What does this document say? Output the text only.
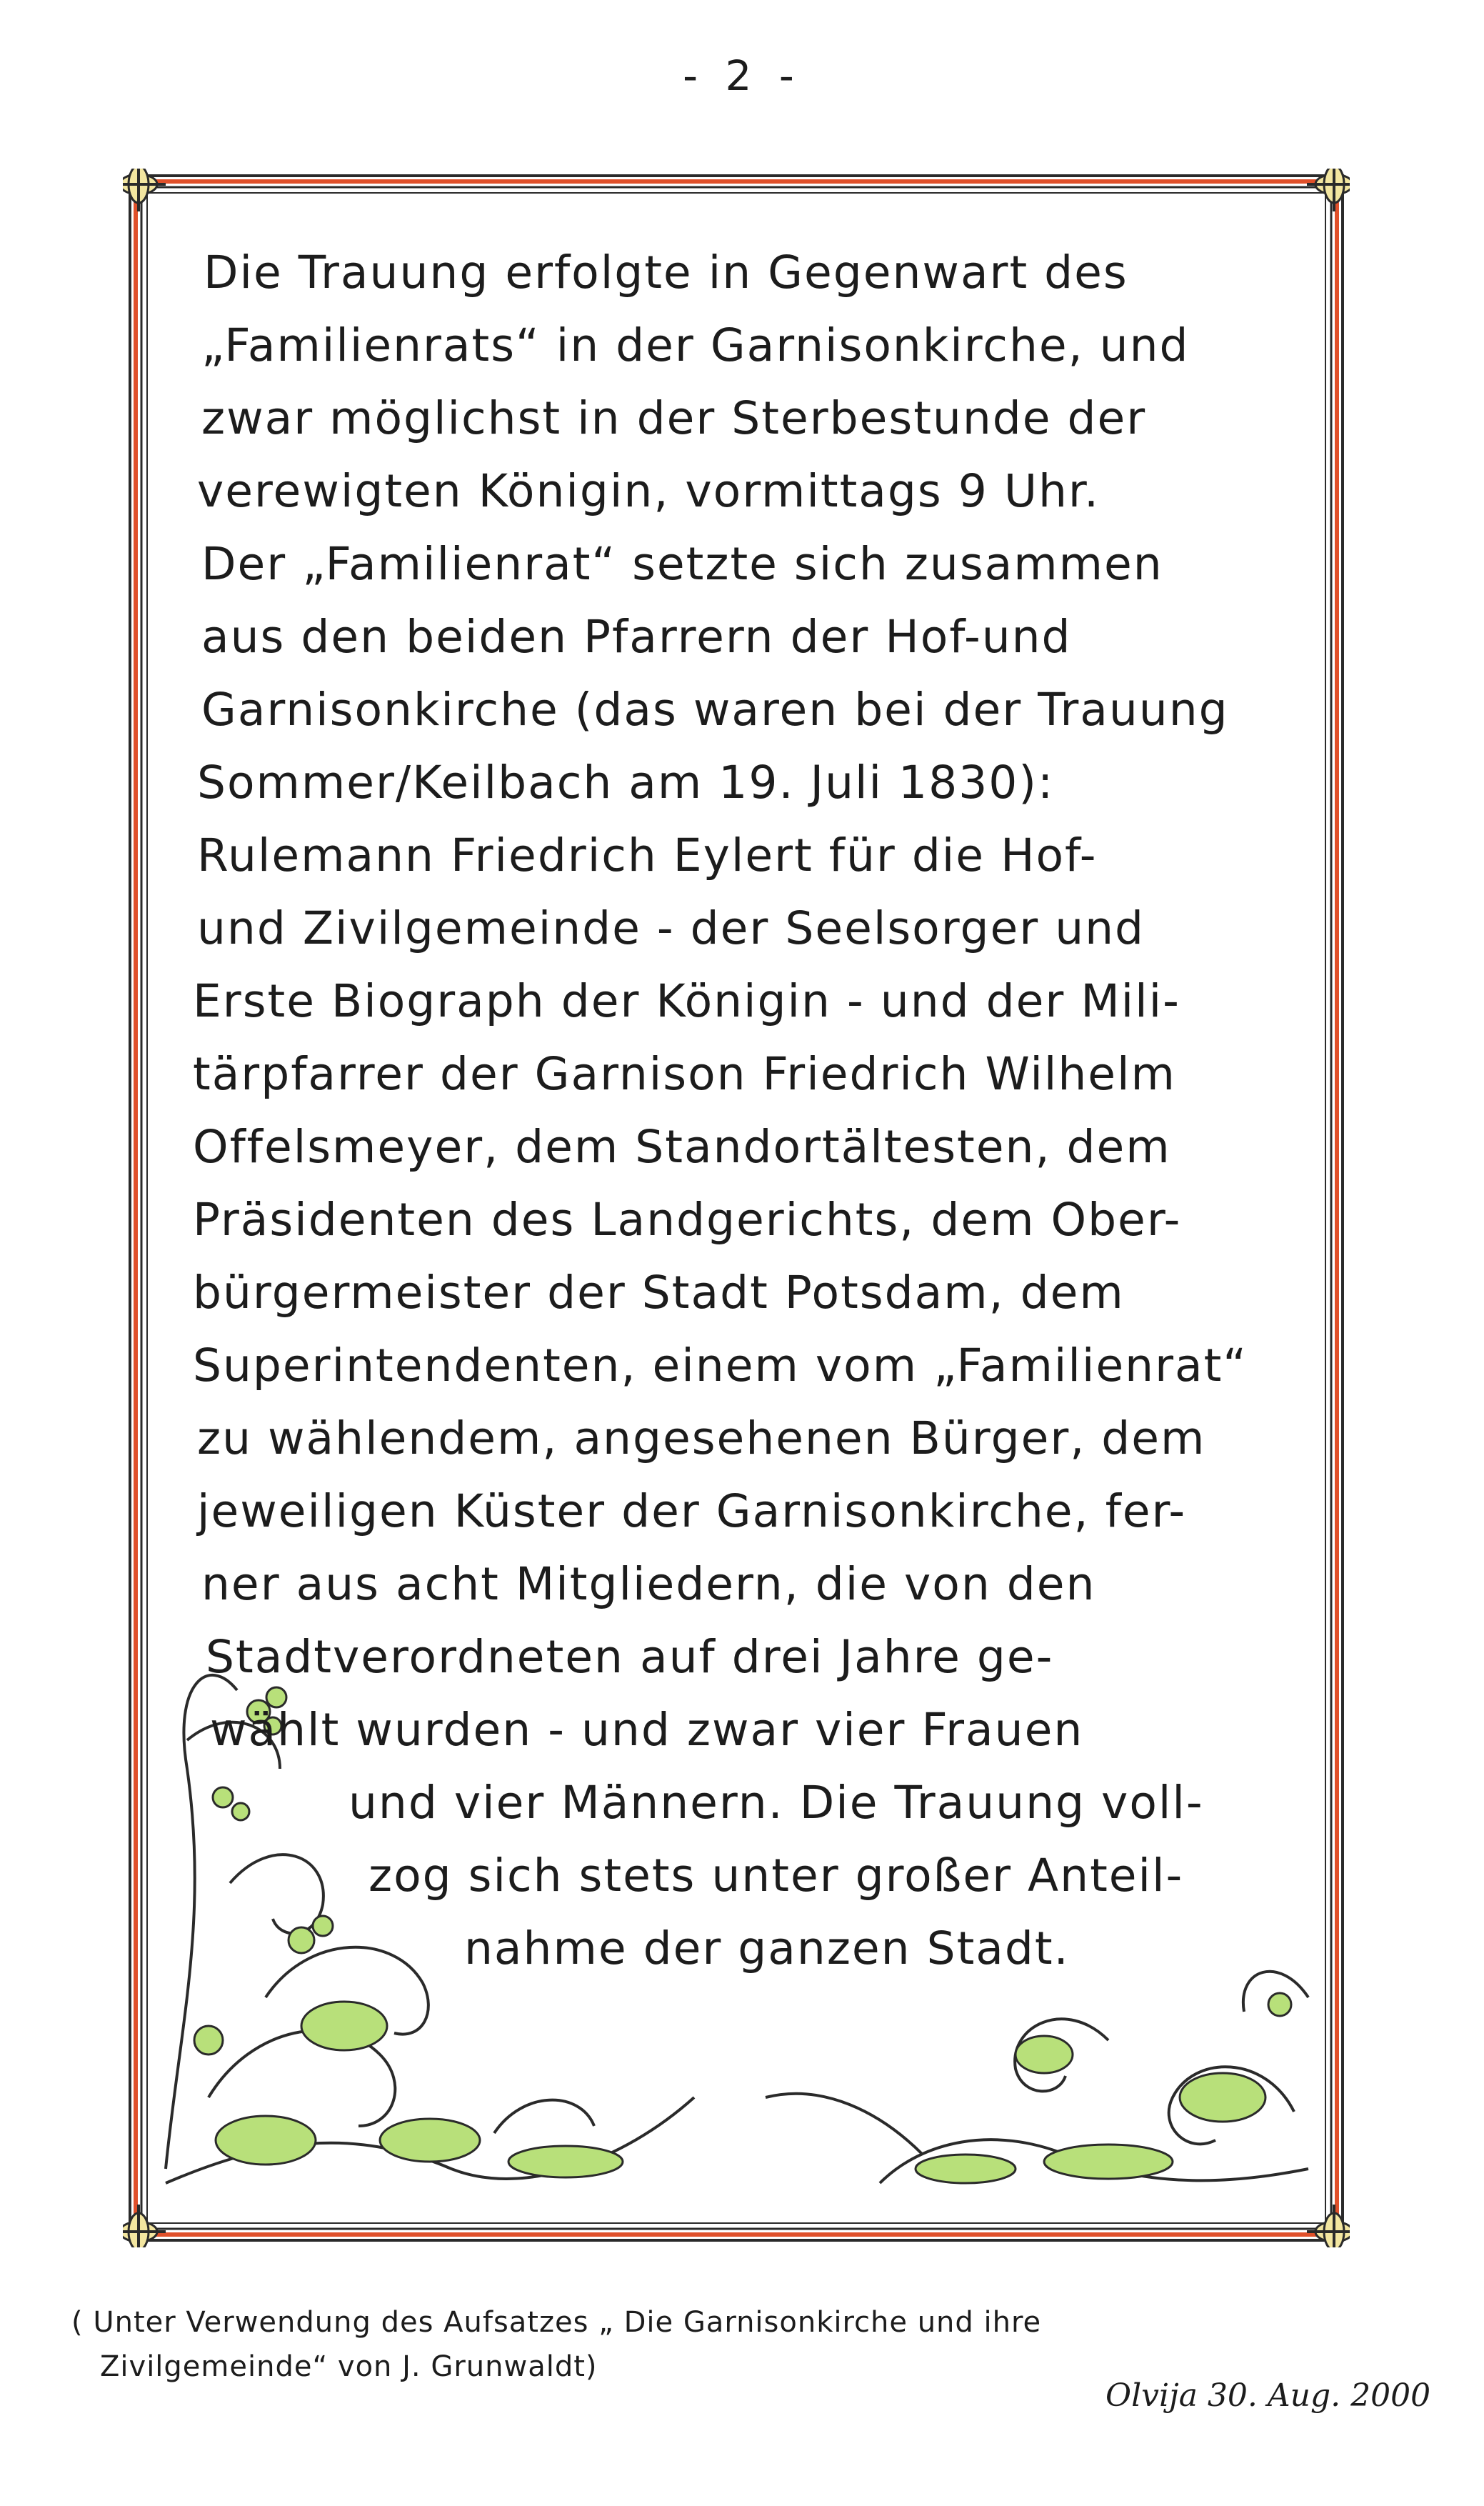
- 2 -
Die Trauung erfolgte in Gegenwart des
„Familienrats“ in der Garnisonkirche, und
zwar möglichst in der Sterbestunde der
verewigten Königin, vormittags 9 Uhr.
Der „Familienrat“ setzte sich zusammen
aus den beiden Pfarrern der Hof-und
Garnisonkirche (das waren bei der Trauung
Sommer/Keilbach am 19. Juli 1830):
Rulemann Friedrich Eylert für die Hof-
und Zivilgemeinde - der Seelsorger und
Erste Biograph der Königin - und der Mili-
tärpfarrer der Garnison Friedrich Wilhelm
Offelsmeyer, dem Standortältesten, dem
Präsidenten des Landgerichts, dem Ober-
bürgermeister der Stadt Potsdam, dem
Superintendenten, einem vom „Familienrat“
zu wählendem, angesehenen Bürger, dem
jeweiligen Küster der Garnisonkirche, fer-
ner aus acht Mitgliedern, die von den
Stadtverordneten auf drei Jahre ge-
wählt wurden - und zwar vier Frauen
und vier Männern. Die Trauung voll-
zog sich stets unter großer Anteil-
nahme der ganzen Stadt.
( Unter Verwendung des Aufsatzes „ Die Garnisonkirche und ihre
Zivilgemeinde“ von J. Grunwaldt)
Olvija 30. Aug. 2000
